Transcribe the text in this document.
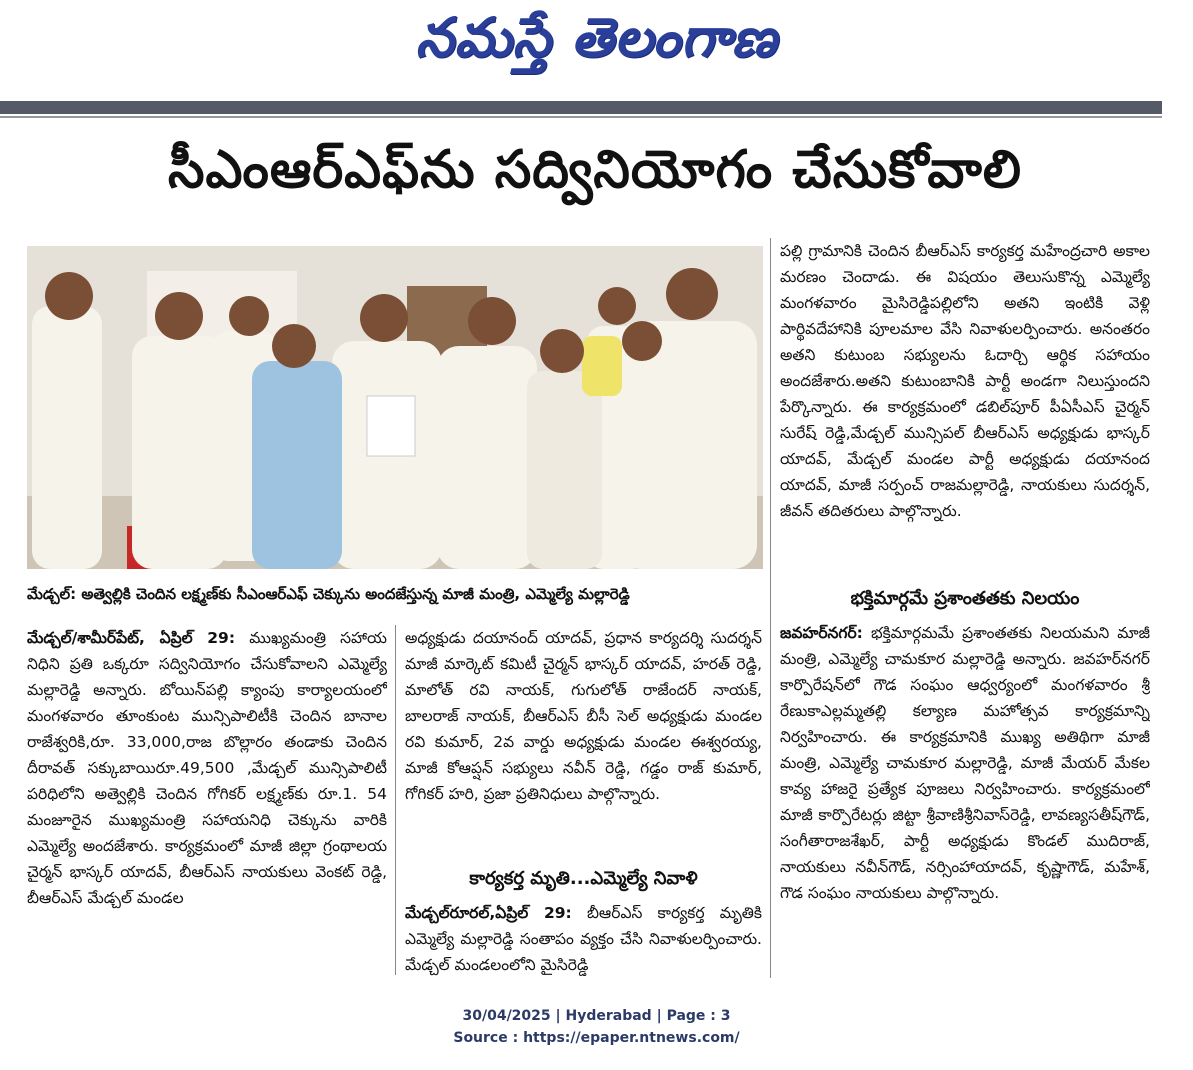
నమస్తే తెలంగాణ
సీఎంఆర్‌ఎఫ్‌ను సద్వినియోగం చేసుకోవాలి
మేడ్చల్: అత్వెల్లికి చెందిన లక్ష్మణ్‌కు సీఎంఆర్‌ఎఫ్ చెక్కును అందజేస్తున్న మాజీ మంత్రి, ఎమ్మెల్యే మల్లారెడ్డి

మేడ్చల్/శామీర్‌పేట్, ఏప్రిల్ 29: ముఖ్యమంత్రి సహాయ నిధిని ప్రతి ఒక్కరూ సద్వినియోగం చేసుకోవాలని ఎమ్మెల్యే మల్లారెడ్డి అన్నారు. బోయిన్‌పల్లి క్యాంపు కార్యాలయంలో మంగళవారం తూంకుంట మున్సిపాలిటీకి చెందిన బానాల రాజేశ్వరికి,రూ. 33,000,రాజ బొల్లారం తండాకు చెందిన దీరావత్ సక్కుబాయిరూ.49,500 ,మేడ్చల్ మున్సిపాలిటీ పరిధిలోని అత్వెల్లికి చెందిన గోగికర్ లక్ష్మణ్‌కు రూ.1. 54 మంజూరైన ముఖ్యమంత్రి సహాయనిధి చెక్కును వారికి ఎమ్మెల్యే అందజేశారు. కార్యక్రమంలో మాజీ జిల్లా గ్రంథాలయ చైర్మన్ భాస్కర్ యాదవ్, బీఆర్‌ఎస్ నాయకులు వెంకట్ రెడ్డి, బీఆర్‌ఎస్ మేడ్చల్ మండల

అధ్యక్షుడు దయానంద్ యాదవ్, ప్రధాన కార్యదర్శి సుదర్శన్ మాజీ మార్కెట్ కమిటీ చైర్మన్ భాస్కర్ యాదవ్, హరత్ రెడ్డి, మాలోత్ రవి నాయక్, గుగులోత్ రాజేందర్ నాయక్, బాలరాజ్ నాయక్, బీఆర్‌ఎస్ బీసీ సెల్ అధ్యక్షుడు మండల రవి కుమార్, 2వ వార్డు అధ్యక్షుడు మండల ఈశ్వరయ్య, మాజీ కోఆప్షన్ సభ్యులు నవీన్ రెడ్డి, గడ్డం రాజ్ కుమార్, గోగికర్ హరి, ప్రజా ప్రతినిధులు పాల్గొన్నారు.

కార్యకర్త మృతి...ఎమ్మెల్యే నివాళి

మేడ్చల్‌రూరల్,ఏప్రిల్ 29: బీఆర్‌ఎస్ కార్యకర్త మృతికి ఎమ్మెల్యే మల్లారెడ్డి సంతాపం వ్యక్తం చేసి నివాళులర్పించారు. మేడ్చల్ మండలంలోని మైసిరెడ్డి

పల్లి గ్రామానికి చెందిన బీఆర్‌ఎస్ కార్యకర్త మహేంద్రచారి అకాల మరణం చెందాడు. ఈ విషయం తెలుసుకొన్న ఎమ్మెల్యే మంగళవారం మైసిరెడ్డిపల్లిలోని అతని ఇంటికి వెళ్లి పార్థివదేహానికి పూలమాల వేసి నివాళులర్పించారు. అనంతరం అతని కుటుంబ సభ్యులను ఓదార్చి ఆర్థిక సహాయం అందజేశారు.అతని కుటుంబానికి పార్టీ అండగా నిలుస్తుందని పేర్కొన్నారు. ఈ కార్యక్రమంలో డబిల్‌పూర్ పీఏసీఎస్ చైర్మన్ సురేష్ రెడ్డి,మేడ్చల్ మున్సిపల్ బీఆర్‌ఎస్ అధ్యక్షుడు భాస్కర్ యాదవ్, మేడ్చల్ మండల పార్టీ అధ్యక్షుడు దయానంద యాదవ్, మాజీ సర్పంచ్ రాజమల్లారెడ్డి, నాయకులు సుదర్శన్, జీవన్ తదితరులు పాల్గొన్నారు.

భక్తిమార్గమే ప్రశాంతతకు నిలయం

జవహర్‌నగర్: భక్తిమార్గమమే ప్రశాంతతకు నిలయమని మాజీ మంత్రి, ఎమ్మెల్యే చామకూర మల్లారెడ్డి అన్నారు. జవహర్‌నగర్ కార్పొరేషన్‌లో గౌడ సంఘం ఆధ్వర్యంలో మంగళవారం శ్రీ రేణుకాఎల్లమ్మతల్లి కల్యాణ మహోత్సవ కార్యక్రమాన్ని నిర్వహించారు. ఈ కార్యక్రమానికి ముఖ్య అతిథిగా మాజీ మంత్రి, ఎమ్మెల్యే చామకూర మల్లారెడ్డి, మాజీ మేయర్ మేకల కావ్య హాజరై ప్రత్యేక పూజలు నిర్వహించారు. కార్యక్రమంలో మాజీ కార్పొరేటర్లు జిట్టా శ్రీవాణిశ్రీనివాస్‌రెడ్డి, లావణ్యసతీష్‌గౌడ్, సంగీతారాజశేఖర్, పార్టీ అధ్యక్షుడు కొండల్ ముదిరాజ్, నాయకులు నవీన్‌గౌడ్, నర్సింహాయాదవ్, కృష్ణాగౌడ్, మహేశ్, గౌడ సంఘం నాయకులు పాల్గొన్నారు.

30/04/2025 | Hyderabad | Page : 3
Source : https://epaper.ntnews.com/
